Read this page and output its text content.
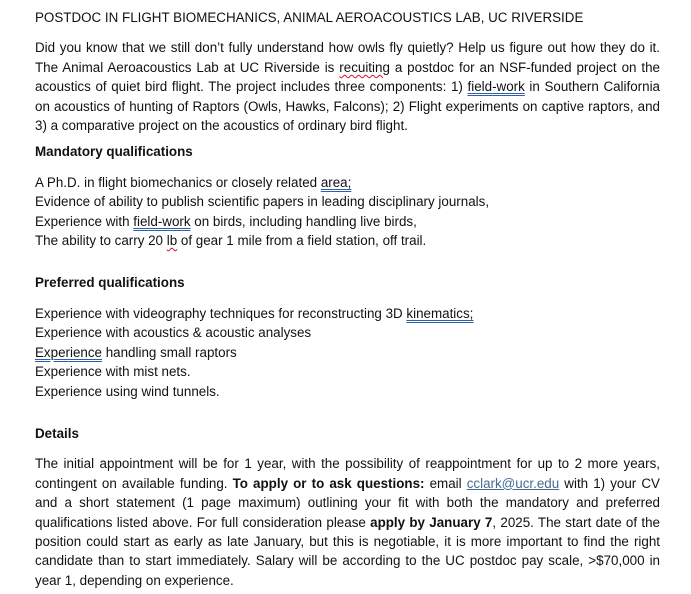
POSTDOC IN FLIGHT BIOMECHANICS, ANIMAL AEROACOUSTICS LAB, UC RIVERSIDE

Did you know that we still don’t fully understand how owls fly quietly? Help us figure out how they do it. The Animal Aeroacoustics Lab at UC Riverside is recuiting a postdoc for an NSF-funded project on the acoustics of quiet bird flight. The project includes three components: 1) field-work in Southern California on acoustics of hunting of Raptors (Owls, Hawks, Falcons); 2) Flight experiments on captive raptors, and 3) a comparative project on the acoustics of ordinary bird flight.

Mandatory qualifications
A Ph.D. in flight biomechanics or closely related area;
Evidence of ability to publish scientific papers in leading disciplinary journals,
Experience with field-work on birds, including handling live birds,
The ability to carry 20 lb of gear 1 mile from a field station, off trail.
Preferred qualifications
Experience with videography techniques for reconstructing 3D kinematics;
Experience with acoustics & acoustic analyses
Experience handling small raptors
Experience with mist nets.
Experience using wind tunnels.
Details

The initial appointment will be for 1 year, with the possibility of reappointment for up to 2 more years, contingent on available funding. To apply or to ask questions: email cclark@ucr.edu with 1) your CV and a short statement (1 page maximum) outlining your fit with both the mandatory and preferred qualifications listed above. For full consideration please apply by January 7, 2025. The start date of the position could start as early as late January, but this is negotiable, it is more important to find the right candidate than to start immediately. Salary will be according to the UC postdoc pay scale, >$70,000 in year 1, depending on experience.
